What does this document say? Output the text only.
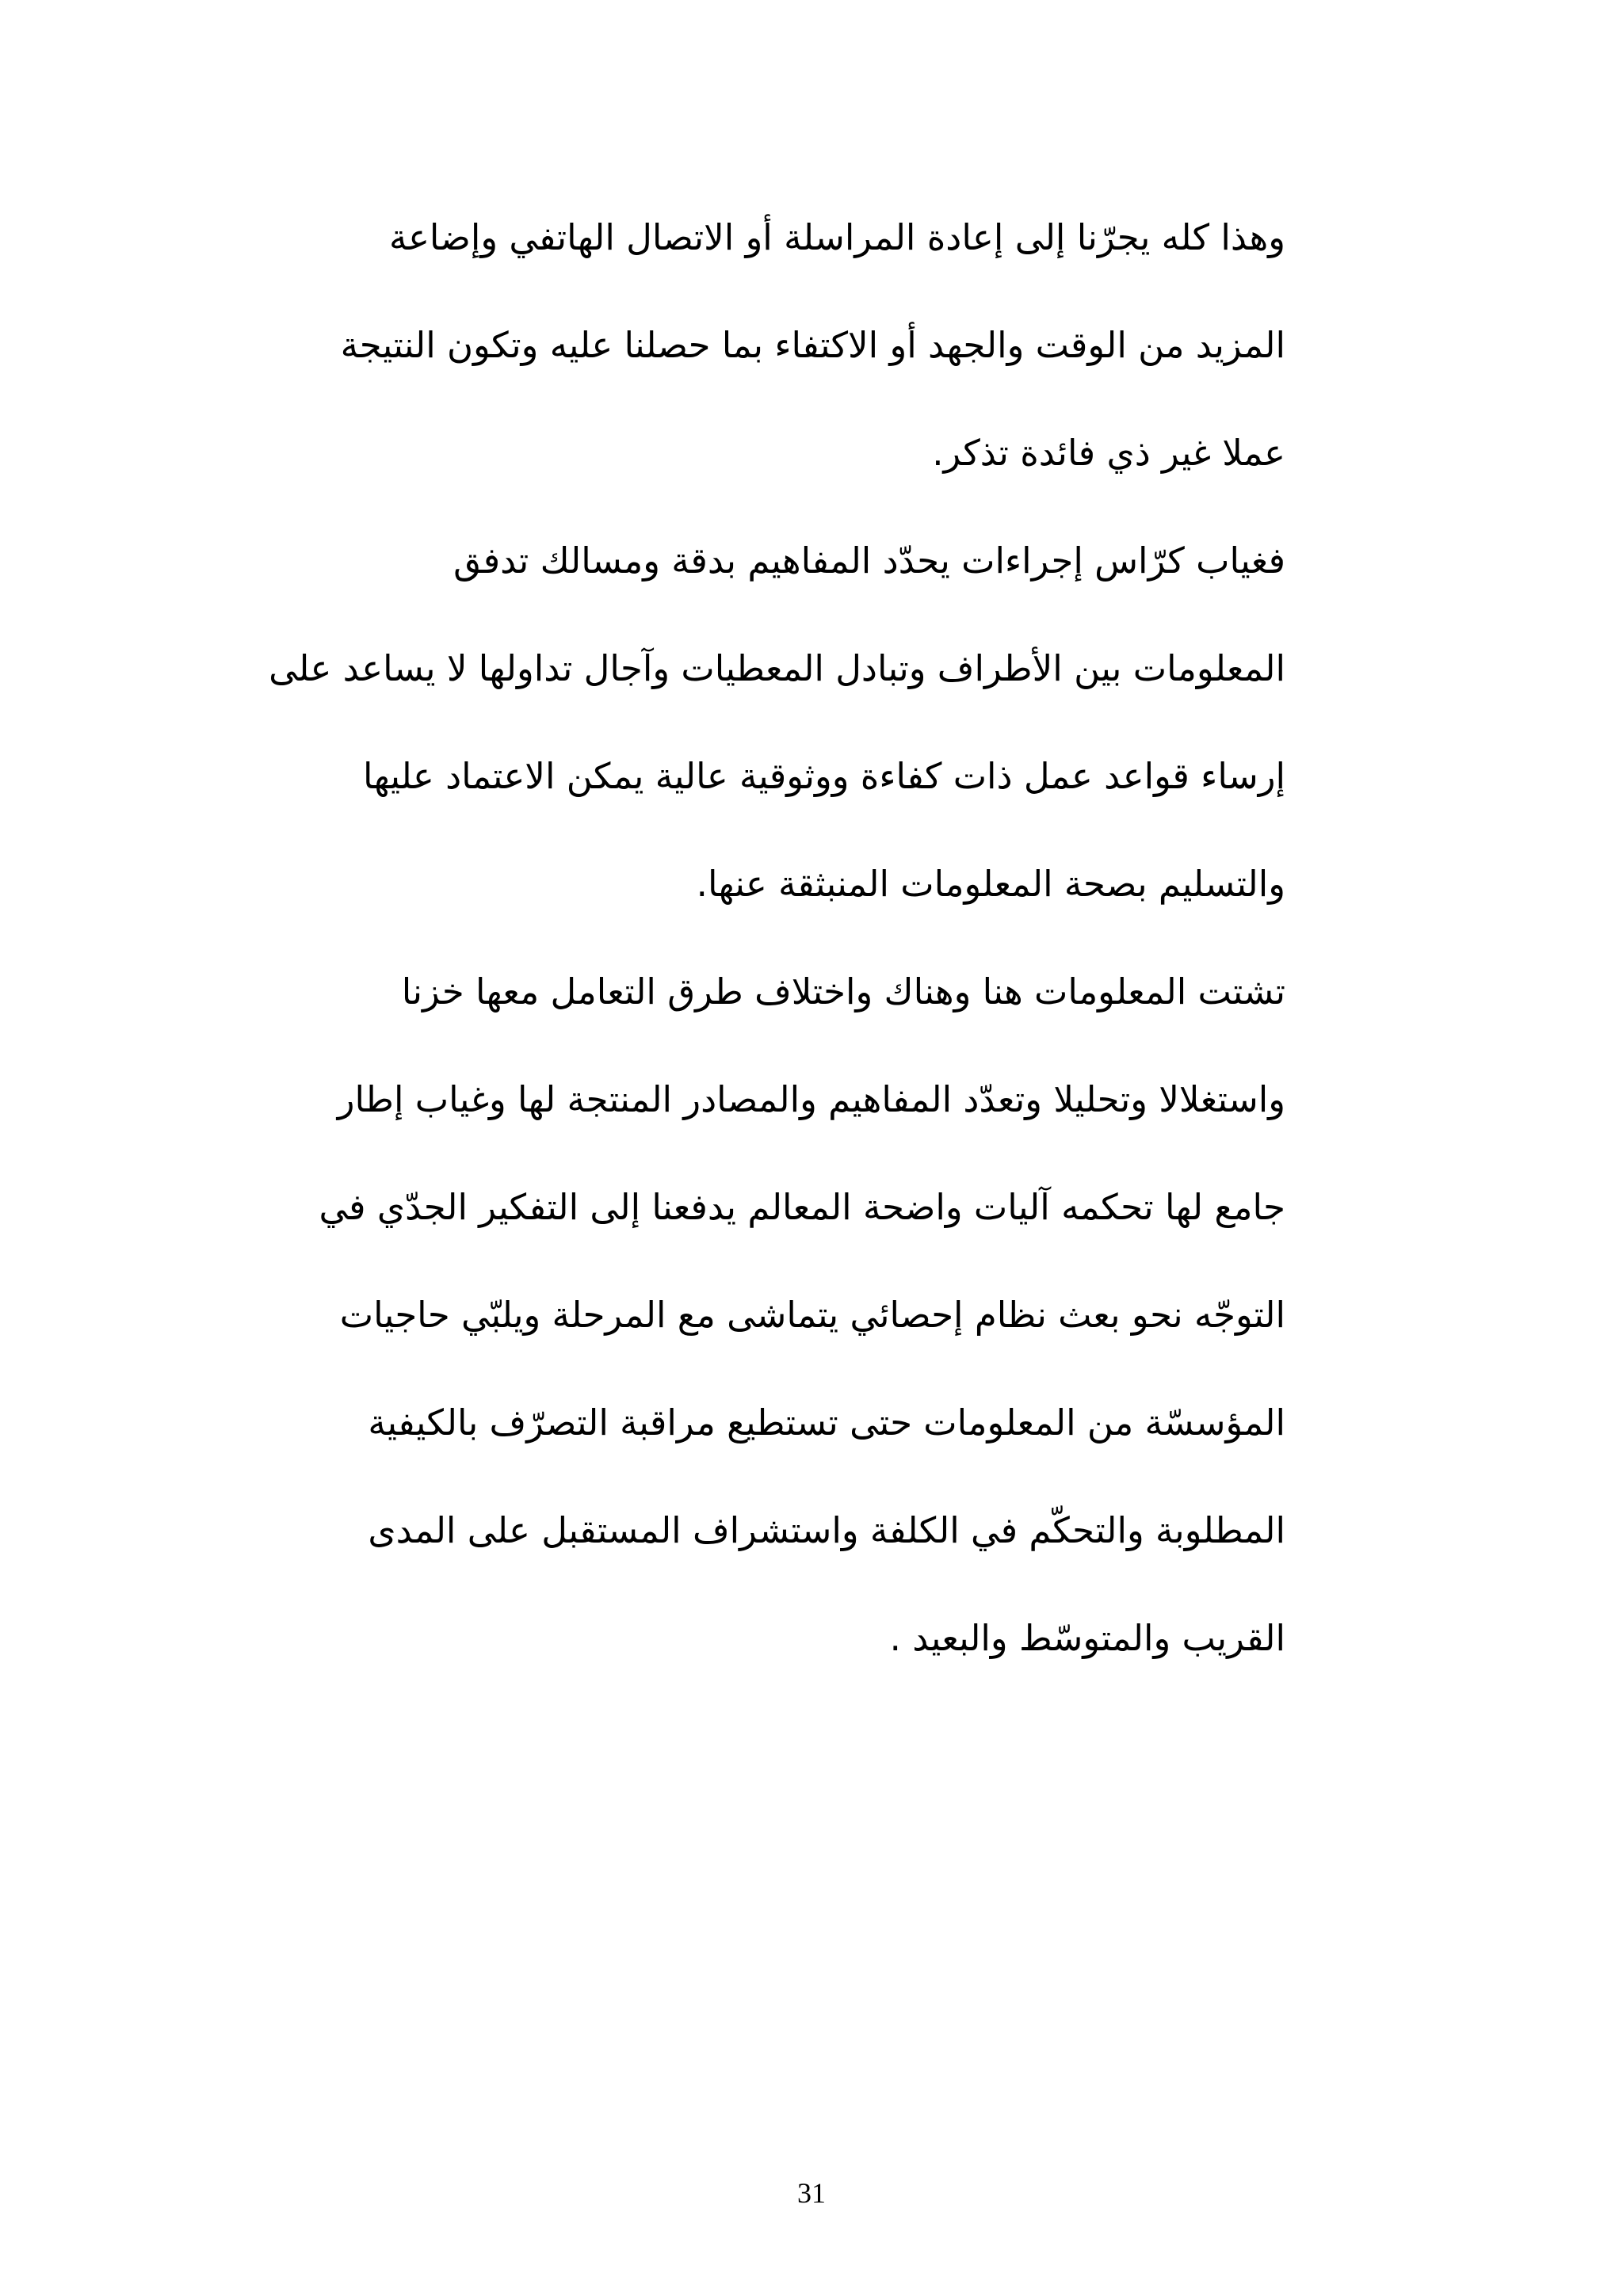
وهذا كله يجرّنا إلى إعادة المراسلة أو الاتصال الهاتفي وإضاعة
المزيد من الوقت والجهد أو الاكتفاء بما حصلنا عليه وتكون النتيجة
عملا غير ذي فائدة تذكر.

فغياب كرّاس إجراءات يحدّد المفاهيم بدقة ومسالك تدفق
المعلومات بين الأطراف وتبادل المعطيات وآجال تداولها لا يساعد على
إرساء قواعد عمل ذات كفاءة ووثوقية عالية يمكن الاعتماد عليها
والتسليم بصحة المعلومات المنبثقة عنها.

تشتت المعلومات هنا وهناك واختلاف طرق التعامل معها خزنا
واستغلالا وتحليلا وتعدّد المفاهيم والمصادر المنتجة لها وغياب إطار
جامع لها تحكمه آليات واضحة المعالم يدفعنا إلى التفكير الجدّي في
التوجّه نحو بعث نظام إحصائي يتماشى مع المرحلة ويلبّي حاجيات
المؤسسّة من المعلومات حتى تستطيع مراقبة التصرّف بالكيفية
المطلوبة والتحكّم في الكلفة واستشراف المستقبل على المدى
القريب والمتوسّط والبعيد .

31
